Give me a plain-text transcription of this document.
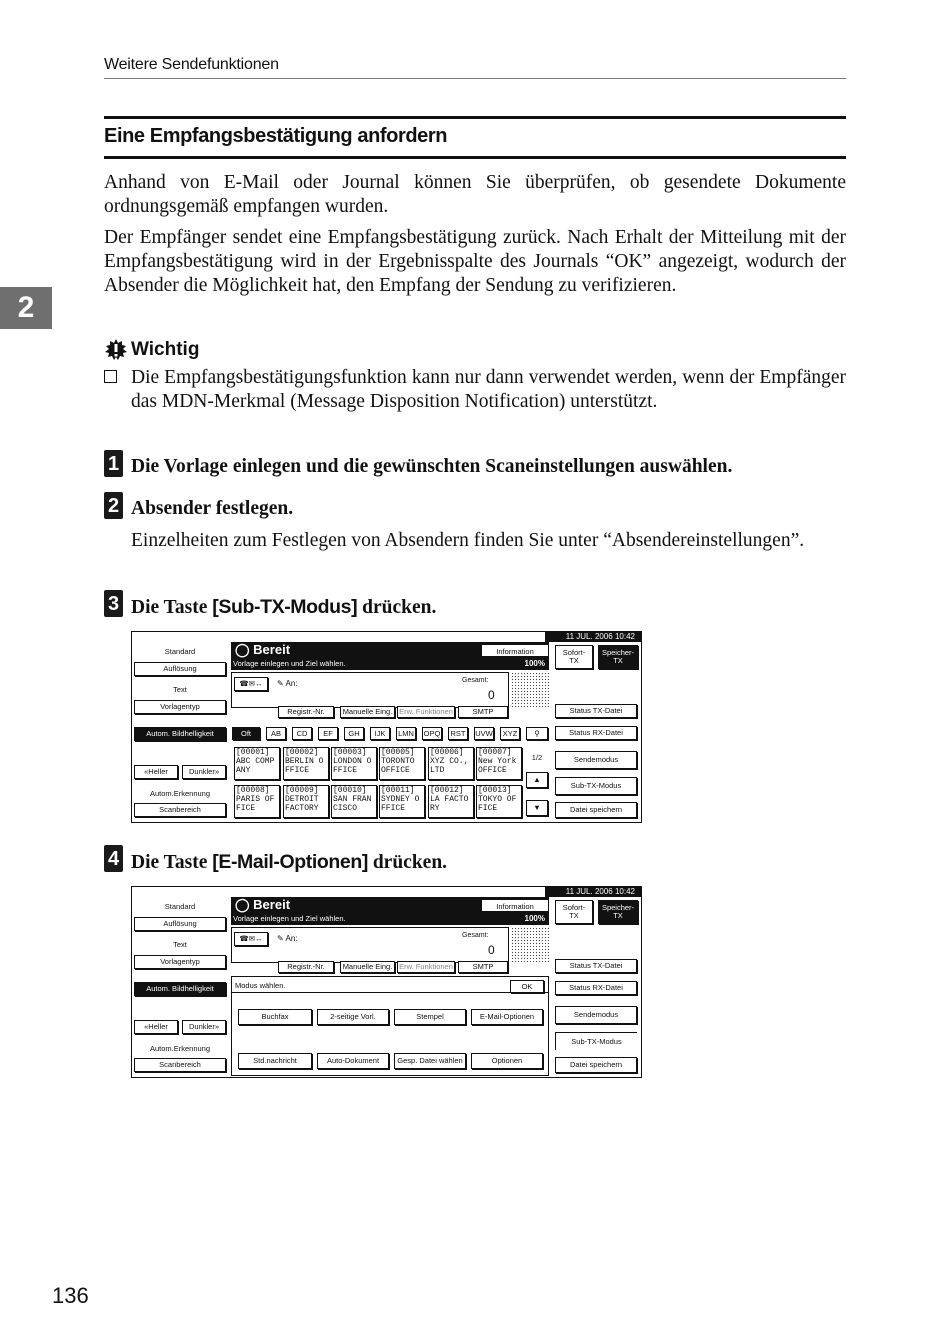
Weitere Sendefunktionen
Eine Empfangsbestätigung anfordern
Anhand von E-Mail oder Journal können Sie überprüfen, ob gesendete Dokumente ordnungsgemäß empfangen wurden.
Der Empfänger sendet eine Empfangsbestätigung zurück. Nach Erhalt der Mitteilung mit der Empfangsbestätigung wird in der Ergebnisspalte des Journals “OK” angezeigt, wodurch der Absender die Möglichkeit hat, den Empfang der Sendung zu verifizieren.
2
Wichtig
Die Empfangsbestätigungsfunktion kann nur dann verwendet werden, wenn der Empfänger das MDN-Merkmal (Message Disposition Notification) unterstützt.
1 Die Vorlage einlegen und die gewünschten Scaneinstellungen auswählen.
2 Absender festlegen.
Einzelheiten zum Festlegen von Absendern finden Sie unter “Absendereinstellungen”.
3 Die Taste [Sub-TX-Modus] drücken.
11 JUL. 2006 10:42
◯ Bereit
Vorlage einlegen und Ziel wählen.	100%
Information	Sofort-
TX
Speicher-
TX
Standard
Auflösung
Text
Vorlagentyp
Autom. Bildhelligkeit
«Heller	Dunkler»
Autom.Erkennung
Scanbereich
☎✉↔	✎ An:	Gesamt:
0
Registr.-Nr.	Manuelle Eing. Erw. Funktionen	SMTP	Status TX-Datei
Status RX-Datei
Sendemodus
Sub-TX-Modus
Datei speichern
Oft	AB	CD	EF	GH	IJK	LMN OPQ	RST	UVW	XYZ	⚲
[00001]
ABC COMP
ANY
[00002]
BERLIN O
FFICE
[00003]
LONDON O
FFICE
[00005]
TORONTO
OFFICE
[00006]
XYZ CO.,
LTD
[00007]
New York
OFFICE
[00008]
PARIS OF
FICE
[00009]
DETROIT
FACTORY
[00010]
SAN FRAN
CISCO
[00011]
SYDNEY O
FFICE
[00012]
LA FACTO
RY
[00013]
TOKYO OF
FICE
1/2
▲
▼
4 Die Taste [E-Mail-Optionen] drücken.
11 JUL. 2006 10:42
◯ Bereit
Vorlage einlegen und Ziel wählen.	100%
Information	Sofort-
TX
Speicher-
TX
Standard
Auflösung
Text
Vorlagentyp
Autom. Bildhelligkeit
«Heller	Dunkler»
Autom.Erkennung
Scanbereich
☎✉↔	✎ An:	Gesamt:
0
Registr.-Nr.	Manuelle Eing. Erw. Funktionen	SMTP	Status TX-Datei
Status RX-Datei
Sendemodus
Sub-TX-Modus
Datei speichern
Modus wählen.	OK
Buchfax	2-seitige Vorl.	Stempel	E-Mail-Optionen
Std.nachricht	Auto-Dokument	Gesp. Datei wählen	Optionen
136
